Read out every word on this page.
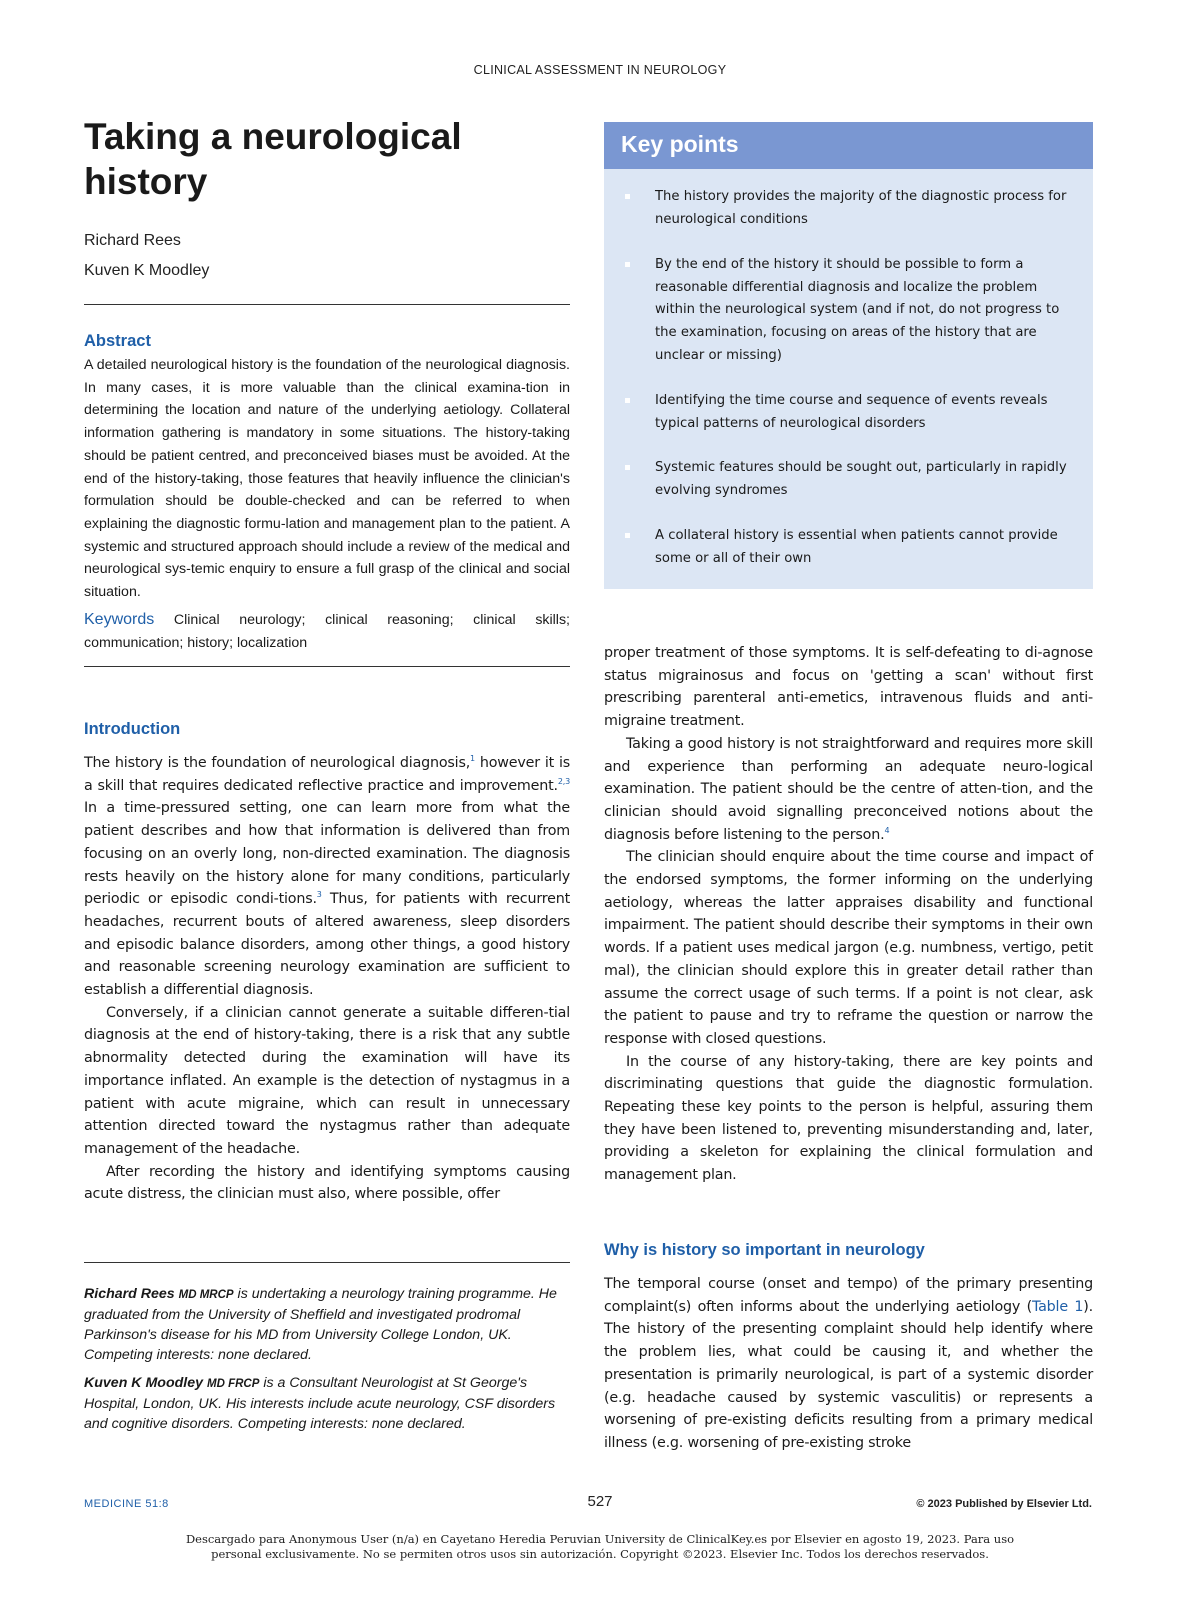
CLINICAL ASSESSMENT IN NEUROLOGY
Taking a neurological history
Richard Rees
Kuven K Moodley
Abstract
A detailed neurological history is the foundation of the neurological diagnosis. In many cases, it is more valuable than the clinical examina-tion in determining the location and nature of the underlying aetiology. Collateral information gathering is mandatory in some situations. The history-taking should be patient centred, and preconceived biases must be avoided. At the end of the history-taking, those features that heavily influence the clinician's formulation should be double-checked and can be referred to when explaining the diagnostic formu-lation and management plan to the patient. A systemic and structured approach should include a review of the medical and neurological sys-temic enquiry to ensure a full grasp of the clinical and social situation.
Keywords Clinical neurology; clinical reasoning; clinical skills; communication; history; localization
Key points
The history provides the majority of the diagnostic process for neurological conditions
By the end of the history it should be possible to form a reasonable differential diagnosis and localize the problem within the neurological system (and if not, do not progress to the examination, focusing on areas of the history that are unclear or missing)
Identifying the time course and sequence of events reveals typical patterns of neurological disorders
Systemic features should be sought out, particularly in rapidly evolving syndromes
A collateral history is essential when patients cannot provide some or all of their own
Introduction

The history is the foundation of neurological diagnosis,$^1$ however it is a skill that requires dedicated reflective practice and improvement.$^{2,3}$ In a time-pressured setting, one can learn more from what the patient describes and how that information is delivered than from focusing on an overly long, non-directed examination. The diagnosis rests heavily on the history alone for many conditions, particularly periodic or episodic condi-tions.$^3$ Thus, for patients with recurrent headaches, recurrent bouts of altered awareness, sleep disorders and episodic balance disorders, among other things, a good history and reasonable screening neurology examination are sufficient to establish a differential diagnosis.

Conversely, if a clinician cannot generate a suitable differen-tial diagnosis at the end of history-taking, there is a risk that any subtle abnormality detected during the examination will have its importance inflated. An example is the detection of nystagmus in a patient with acute migraine, which can result in unnecessary attention directed toward the nystagmus rather than adequate management of the headache.

After recording the history and identifying symptoms causing acute distress, the clinician must also, where possible, offer

Richard Rees MD MRCP is undertaking a neurology training programme. He graduated from the University of Sheffield and investigated prodromal Parkinson's disease for his MD from University College London, UK. Competing interests: none declared.
Kuven K Moodley MD FRCP is a Consultant Neurologist at St George's Hospital, London, UK. His interests include acute neurology, CSF disorders and cognitive disorders. Competing interests: none declared.

proper treatment of those symptoms. It is self-defeating to di-agnose status migrainosus and focus on 'getting a scan' without first prescribing parenteral anti-emetics, intravenous fluids and anti-migraine treatment.

Taking a good history is not straightforward and requires more skill and experience than performing an adequate neuro-logical examination. The patient should be the centre of atten-tion, and the clinician should avoid signalling preconceived notions about the diagnosis before listening to the person.$^4$

The clinician should enquire about the time course and impact of the endorsed symptoms, the former informing on the underlying aetiology, whereas the latter appraises disability and functional impairment. The patient should describe their symptoms in their own words. If a patient uses medical jargon (e.g. numbness, vertigo, petit mal), the clinician should explore this in greater detail rather than assume the correct usage of such terms. If a point is not clear, ask the patient to pause and try to reframe the question or narrow the response with closed questions.

In the course of any history-taking, there are key points and discriminating questions that guide the diagnostic formulation. Repeating these key points to the person is helpful, assuring them they have been listened to, preventing misunderstanding and, later, providing a skeleton for explaining the clinical formulation and management plan.

Why is history so important in neurology

The temporal course (onset and tempo) of the primary presenting complaint(s) often informs about the underlying aetiology (Table 1). The history of the presenting complaint should help identify where the problem lies, what could be causing it, and whether the presentation is primarily neurological, is part of a systemic disorder (e.g. headache caused by systemic vasculitis) or represents a worsening of pre-existing deficits resulting from a primary medical illness (e.g. worsening of pre-existing stroke

MEDICINE 51:8	527	© 2023 Published by Elsevier Ltd.
Descargado para Anonymous User (n/a) en Cayetano Heredia Peruvian University de ClinicalKey.es por Elsevier en agosto 19, 2023. Para uso
personal exclusivamente. No se permiten otros usos sin autorización. Copyright ©2023. Elsevier Inc. Todos los derechos reservados.
